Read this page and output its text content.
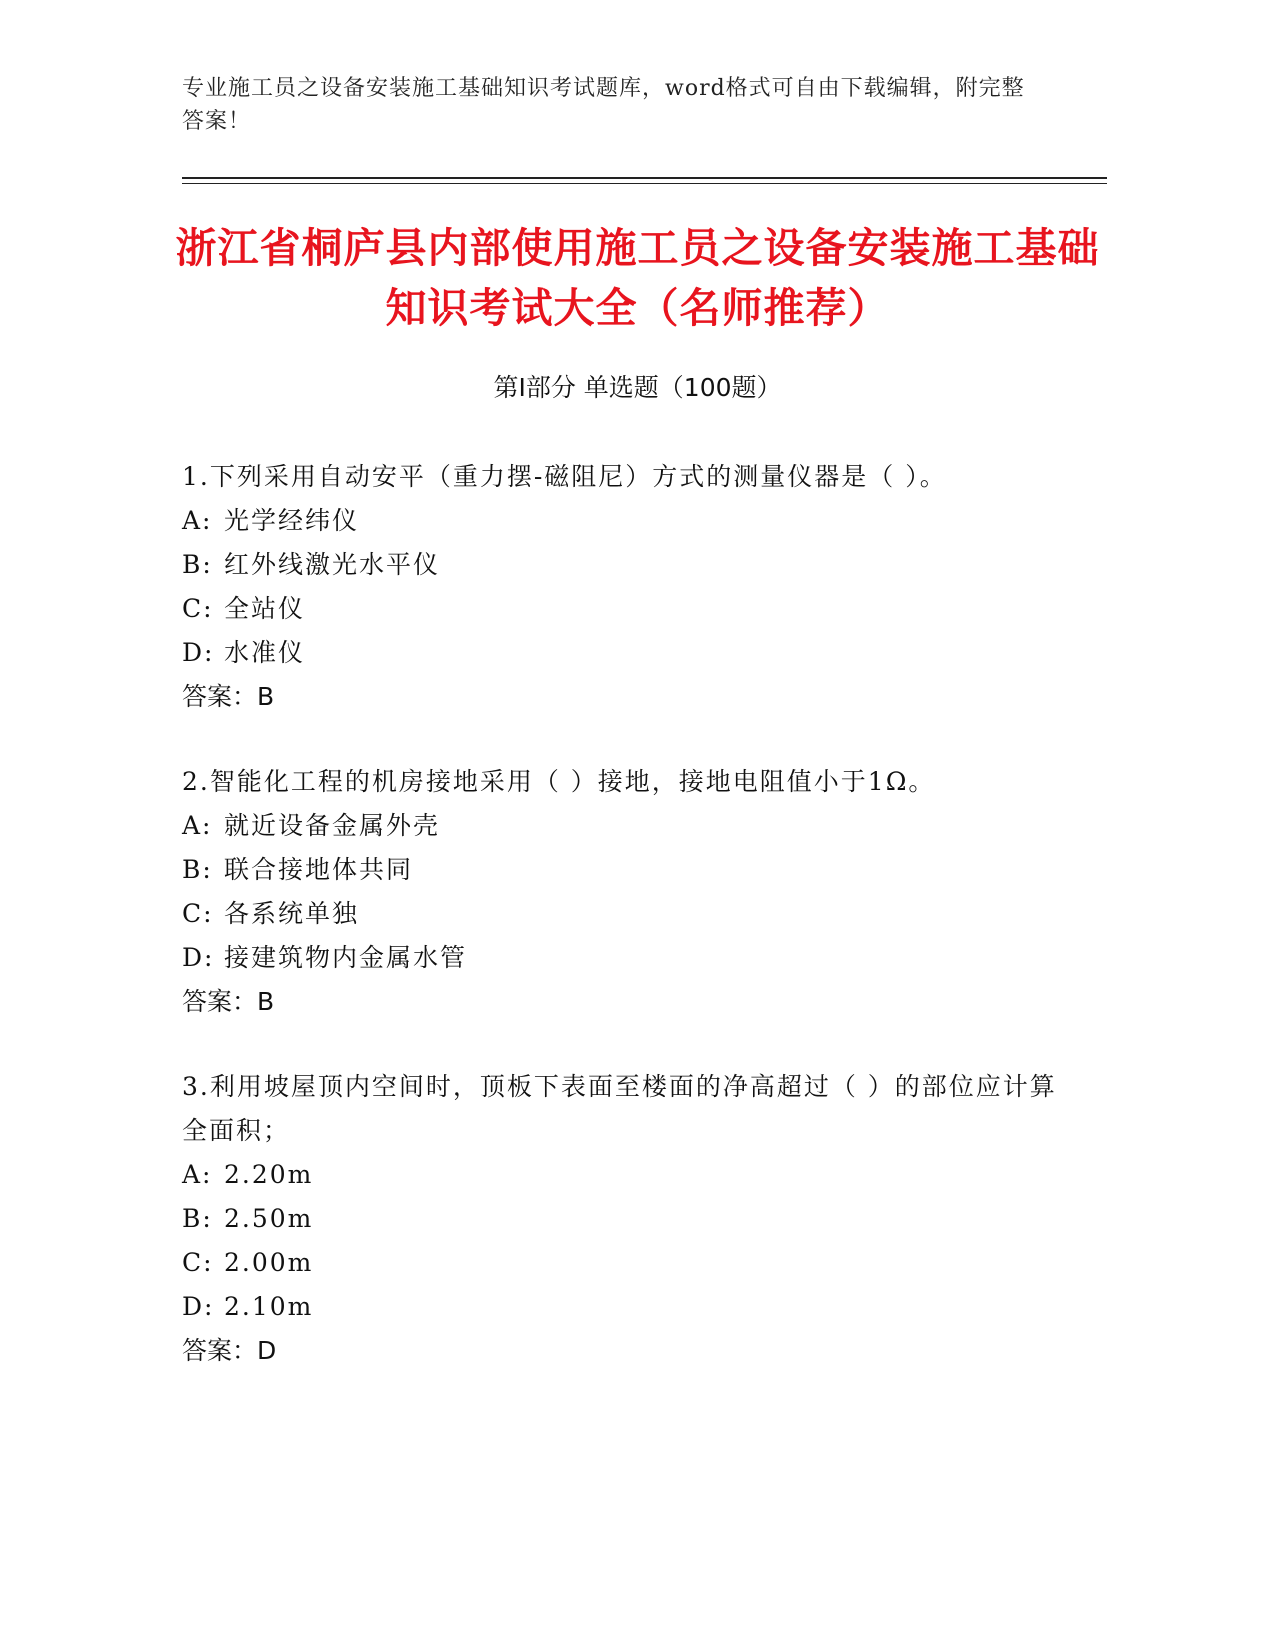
专业施工员之设备安装施工基础知识考试题库，word格式可自由下载编辑，附完整答案！
浙江省桐庐县内部使用施工员之设备安装施工基础知识考试大全（名师推荐）
第Ⅰ部分 单选题（100题）

1.下列采用自动安平（重力摆-磁阻尼）方式的测量仪器是（ ）。

A: 光学经纬仪

B: 红外线激光水平仪

C: 全站仪

D: 水准仪

答案：B

2.智能化工程的机房接地采用（ ）接地，接地电阻值小于1Ω。

A: 就近设备金属外壳

B: 联合接地体共同

C: 各系统单独

D: 接建筑物内金属水管

答案：B

3.利用坡屋顶内空间时，顶板下表面至楼面的净高超过（ ）的部位应计算全面积；

A: 2.20m

B: 2.50m

C: 2.00m

D: 2.10m

答案：D
